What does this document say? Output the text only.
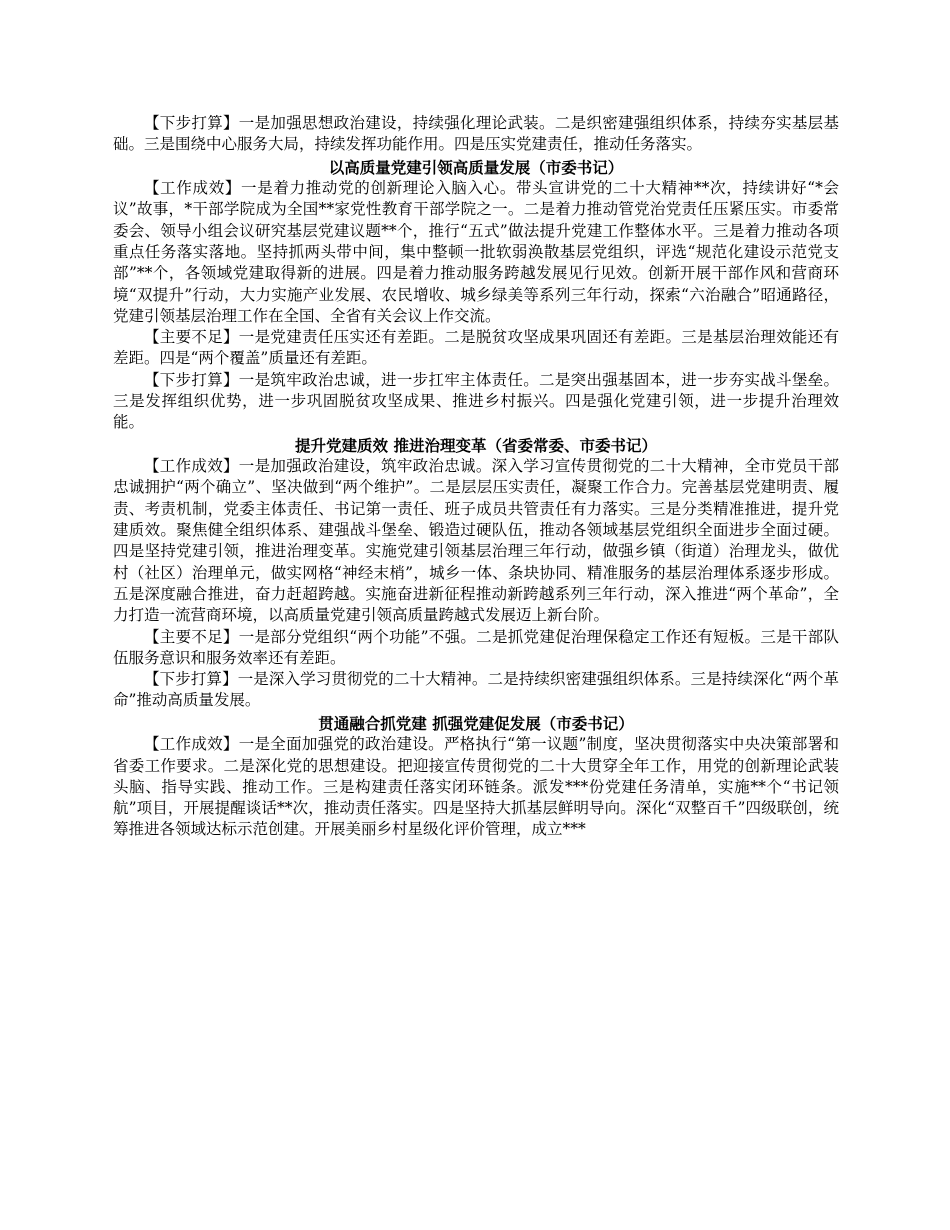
【下步打算】一是加强思想政治建设，持续强化理论武装。二是织密建强组织体系，持续夯实基层基础。三是围绕中心服务大局，持续发挥功能作用。四是压实党建责任，推动任务落实。

以高质量党建引领高质量发展（市委书记）

【工作成效】一是着力推动党的创新理论入脑入心。带头宣讲党的二十大精神**次，持续讲好“*会议”故事，*干部学院成为全国**家党性教育干部学院之一。二是着力推动管党治党责任压紧压实。市委常委会、领导小组会议研究基层党建议题**个，推行“五式”做法提升党建工作整体水平。三是着力推动各项重点任务落实落地。坚持抓两头带中间，集中整顿一批软弱涣散基层党组织，评选“规范化建设示范党支部”**个，各领域党建取得新的进展。四是着力推动服务跨越发展见行见效。创新开展干部作风和营商环境“双提升”行动，大力实施产业发展、农民增收、城乡绿美等系列三年行动，探索“六治融合”昭通路径，党建引领基层治理工作在全国、全省有关会议上作交流。

【主要不足】一是党建责任压实还有差距。二是脱贫攻坚成果巩固还有差距。三是基层治理效能还有差距。四是“两个覆盖”质量还有差距。

【下步打算】一是筑牢政治忠诚，进一步扛牢主体责任。二是突出强基固本，进一步夯实战斗堡垒。三是发挥组织优势，进一步巩固脱贫攻坚成果、推进乡村振兴。四是强化党建引领，进一步提升治理效能。

提升党建质效 推进治理变革（省委常委、市委书记）

【工作成效】一是加强政治建设，筑牢政治忠诚。深入学习宣传贯彻党的二十大精神，全市党员干部忠诚拥护“两个确立”、坚决做到“两个维护”。二是层层压实责任，凝聚工作合力。完善基层党建明责、履责、考责机制，党委主体责任、书记第一责任、班子成员共管责任有力落实。三是分类精准推进，提升党建质效。聚焦健全组织体系、建强战斗堡垒、锻造过硬队伍，推动各领域基层党组织全面进步全面过硬。四是坚持党建引领，推进治理变革。实施党建引领基层治理三年行动，做强乡镇（街道）治理龙头，做优村（社区）治理单元，做实网格“神经末梢”，城乡一体、条块协同、精准服务的基层治理体系逐步形成。五是深度融合推进，奋力赶超跨越。实施奋进新征程推动新跨越系列三年行动，深入推进“两个革命”，全力打造一流营商环境，以高质量党建引领高质量跨越式发展迈上新台阶。

【主要不足】一是部分党组织“两个功能”不强。二是抓党建促治理保稳定工作还有短板。三是干部队伍服务意识和服务效率还有差距。

【下步打算】一是深入学习贯彻党的二十大精神。二是持续织密建强组织体系。三是持续深化“两个革命”推动高质量发展。

贯通融合抓党建 抓强党建促发展（市委书记）

【工作成效】一是全面加强党的政治建设。严格执行“第一议题”制度，坚决贯彻落实中央决策部署和省委工作要求。二是深化党的思想建设。把迎接宣传贯彻党的二十大贯穿全年工作，用党的创新理论武装头脑、指导实践、推动工作。三是构建责任落实闭环链条。派发***份党建任务清单，实施**个“书记领航”项目，开展提醒谈话**次，推动责任落实。四是坚持大抓基层鲜明导向。深化“双整百千”四级联创，统筹推进各领域达标示范创建。开展美丽乡村星级化评价管理，成立***
